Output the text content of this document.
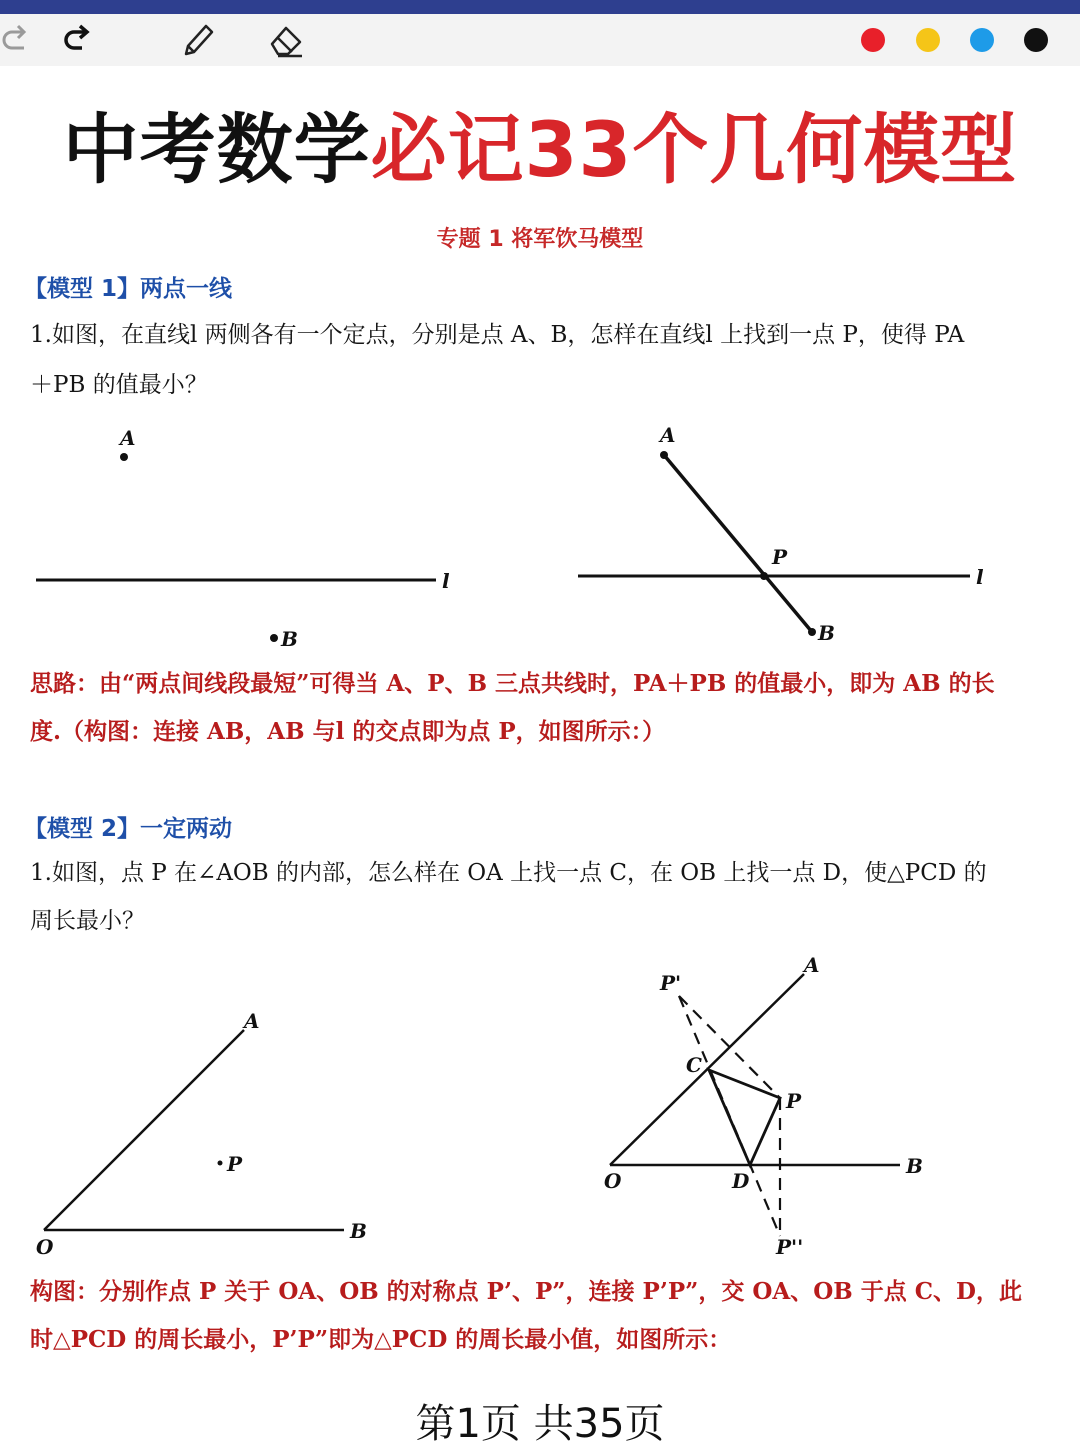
中考数学必记33个几何模型
专题 1 将军饮马模型
【模型 1】两点一线
1.如图，在直线l 两侧各有一个定点，分别是点 A、B，怎样在直线l 上找到一点 P，使得 PA
＋PB 的值最小？
A
l
B
l
A
P
B
思路：由“两点间线段最短”可得当 A、P、B 三点共线时，PA＋PB 的值最小，即为 AB 的长
度.（构图：连接 AB，AB 与l 的交点即为点 P，如图所示：）
【模型 2】一定两动
1.如图，点 P 在∠AOB 的内部，怎么样在 OA 上找一点 C，在 OB 上找一点 D，使△PCD 的
周长最小？
A
B
O
P
A
B
O
P
P'
P''
C
D
构图：分别作点 P 关于 OA、OB 的对称点 P’、P”，连接 P’P”，交 OA、OB 于点 C、D，此
时△PCD 的周长最小，P’P”即为△PCD 的周长最小值，如图所示：
第1页 共35页
